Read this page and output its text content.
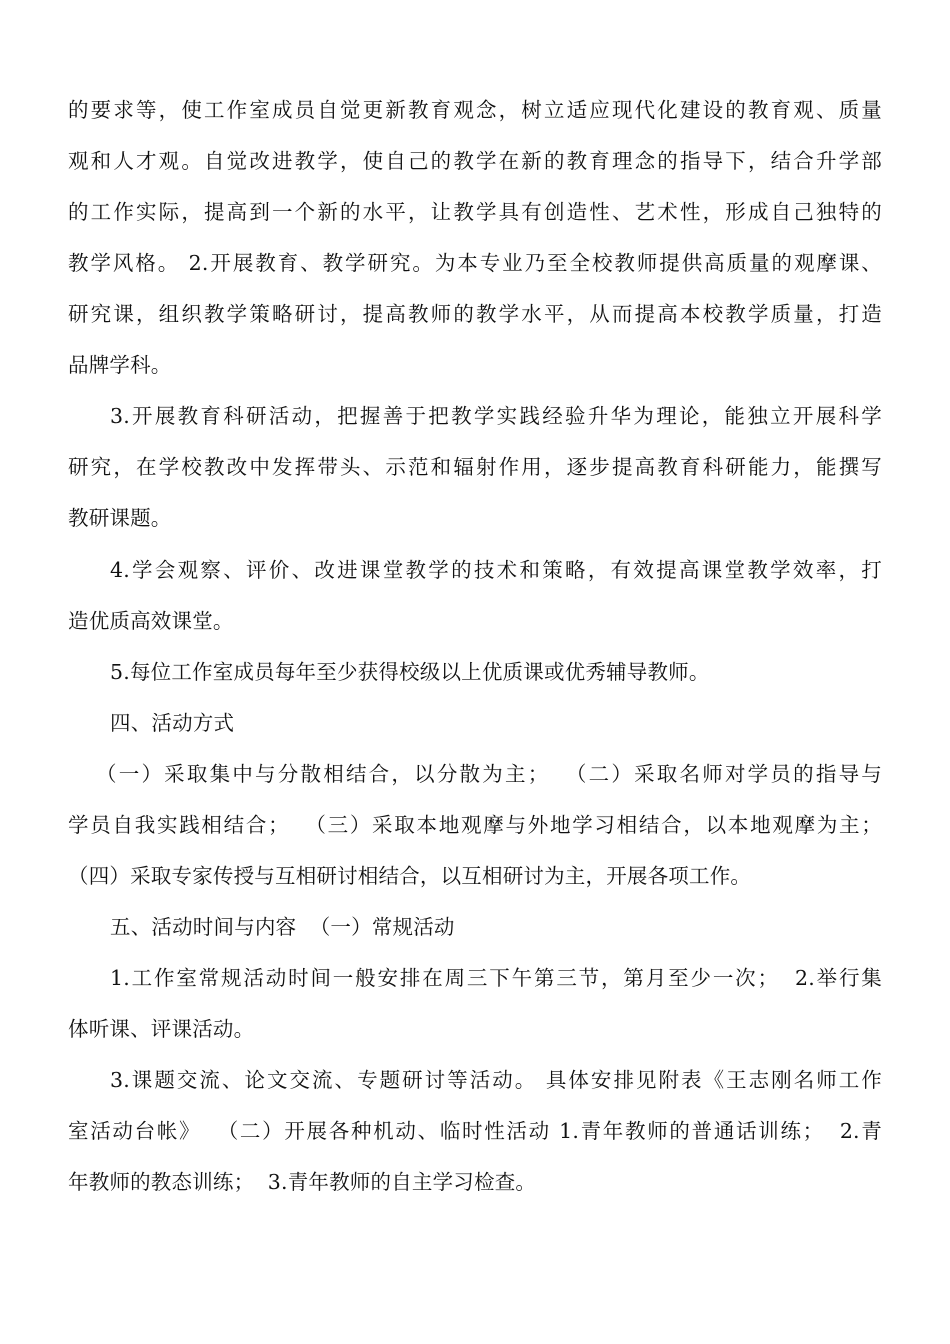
的要求等，使工作室成员自觉更新教育观念，树立适应现代化建设的教育观、质量
观和人才观。自觉改进教学，使自己的教学在新的教育理念的指导下，结合升学部
的工作实际，提高到一个新的水平，让教学具有创造性、艺术性，形成自己独特的
教学风格。 2.开展教育、教学研究。为本专业乃至全校教师提供高质量的观摩课、
研究课，组织教学策略研讨，提高教师的教学水平，从而提高本校教学质量，打造
品牌学科。
3.开展教育科研活动，把握善于把教学实践经验升华为理论，能独立开展科学
研究，在学校教改中发挥带头、示范和辐射作用，逐步提高教育科研能力，能撰写
教研课题。
4.学会观察、评价、改进课堂教学的技术和策略，有效提高课堂教学效率，打
造优质高效课堂。
5.每位工作室成员每年至少获得校级以上优质课或优秀辅导教师。
四、活动方式
（一）采取集中与分散相结合，以分散为主；  （二）采取名师对学员的指导与
学员自我实践相结合；  （三）采取本地观摩与外地学习相结合，以本地观摩为主；
（四）采取专家传授与互相研讨相结合，以互相研讨为主，开展各项工作。
五、活动时间与内容  （一）常规活动
1.工作室常规活动时间一般安排在周三下午第三节，第月至少一次；  2.举行集
体听课、评课活动。
3.课题交流、论文交流、专题研讨等活动。 具体安排见附表《王志刚名师工作
室活动台帐》  （二）开展各种机动、临时性活动 1.青年教师的普通话训练；  2.青
年教师的教态训练；  3.青年教师的自主学习检查。
